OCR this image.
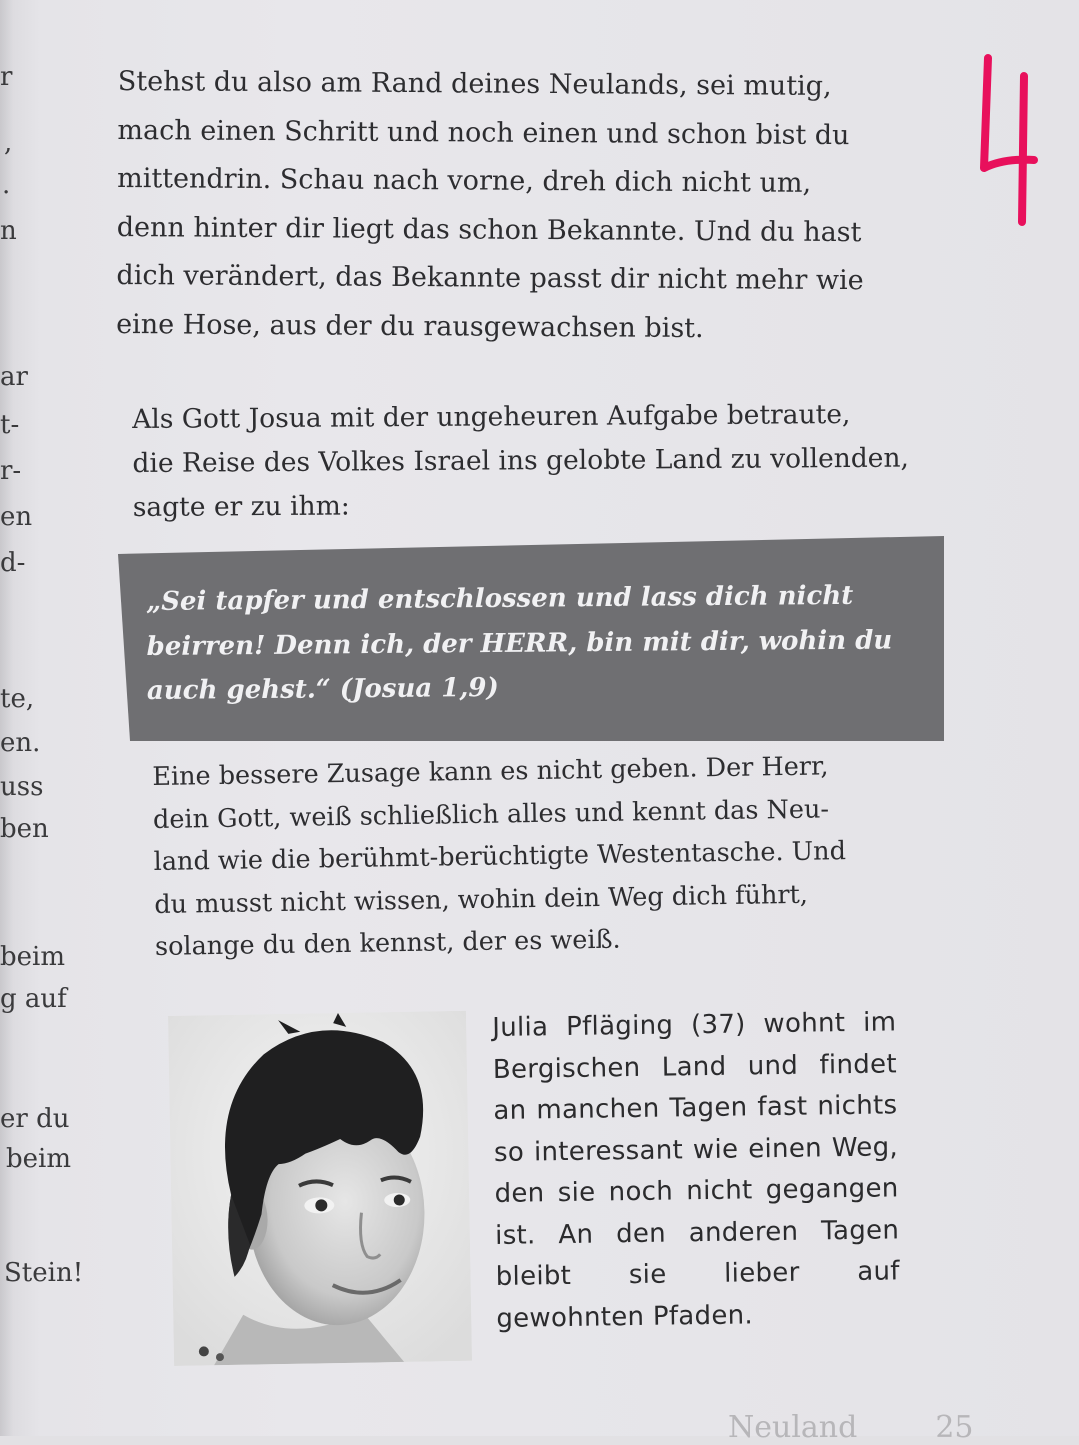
r
,
.
n
ar
t-
r-
en
d-
te,
en.
uss
ben
beim
g auf
er du
beim
Stein!

Stehst du also am Rand deines Neulands, sei mutig,

mach einen Schritt und noch einen und schon bist du

mittendrin. Schau nach vorne, dreh dich nicht um,

denn hinter dir liegt das schon Bekannte. Und du hast

dich verändert, das Bekannte passt dir nicht mehr wie

eine Hose, aus der du rausgewachsen bist.

Als Gott Josua mit der ungeheuren Aufgabe betraute,

die Reise des Volkes Israel ins gelobte Land zu vollenden,

sagte er zu ihm:

„Sei tapfer und entschlossen und lass dich nicht

beirren! Denn ich, der HERR, bin mit dir, wohin du

auch gehst.“ (Josua 1,9)

Eine bessere Zusage kann es nicht geben. Der Herr,

dein Gott, weiß schließlich alles und kennt das Neu-

land wie die berühmt-berüchtigte Westentasche. Und

du musst nicht wissen, wohin dein Weg dich führt,

solange du den kennst, der es weiß.

Julia Pfläging (37) wohnt im Bergischen Land und findet an manchen Tagen fast nichts so interessant wie einen Weg, den sie noch nicht gegangen ist. An den anderen Tagen bleibt sie lieber auf gewohnten Pfaden.

Neuland	25
